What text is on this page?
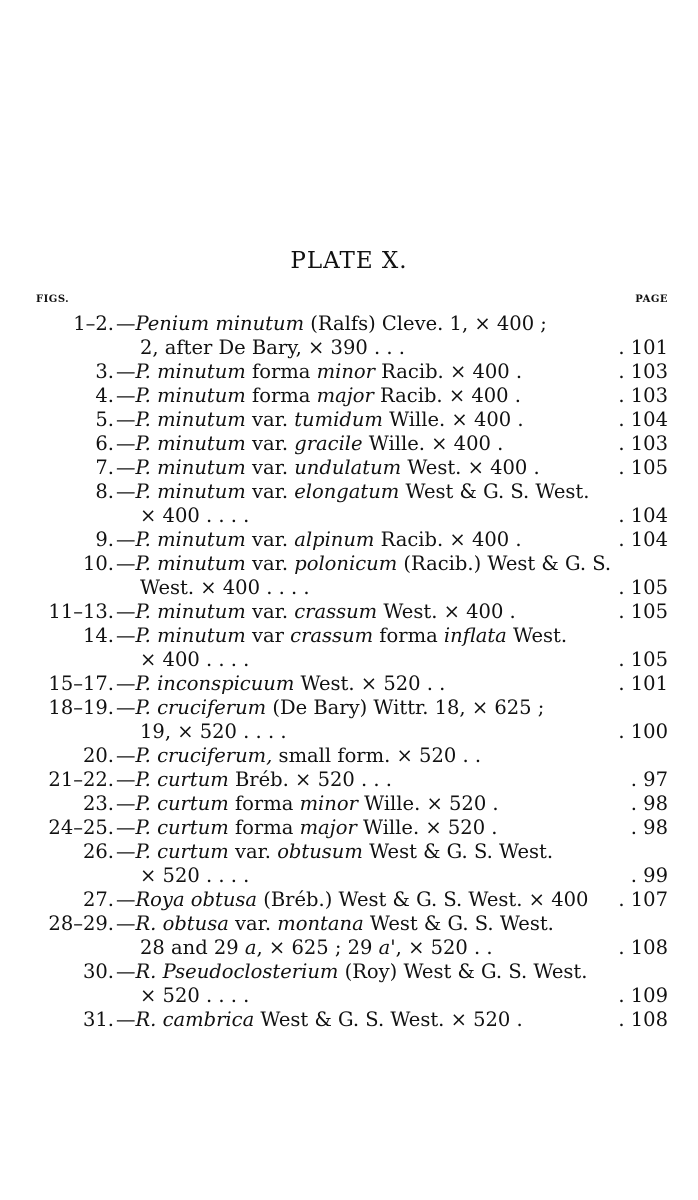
PLATE X.
FIGS.	PAGE
1–2. —Penium minutum (Ralfs) Cleve. 1, × 400 ;
2, after De Bary, × 390 . . .	. 101
3. —P. minutum forma minor Racib. × 400 .	. 103
4. —P. minutum forma major Racib. × 400 .	. 103
5. —P. minutum var. tumidum Wille. × 400 .	. 104
6. —P. minutum var. gracile Wille. × 400 .	. 103
7. —P. minutum var. undulatum West. × 400 .	. 105
8. —P. minutum var. elongatum West & G. S. West.
× 400 . . . .	. 104
9. —P. minutum var. alpinum Racib. × 400 .	. 104
10. —P. minutum var. polonicum (Racib.) West & G. S.
West. × 400 . . . .	. 105
11–13. —P. minutum var. crassum West. × 400 .	. 105
14. —P. minutum var crassum forma inflata West.
× 400 . . . .	. 105
15–17. —P. inconspicuum West. × 520 . .	. 101
18–19. —P. cruciferum (De Bary) Wittr. 18, × 625 ;
19, × 520 . . . .	. 100
20. —P. cruciferum, small form. × 520 . .
21–22. —P. curtum Bréb. × 520 . . .	. 97
23. —P. curtum forma minor Wille. × 520 .	. 98
24–25. —P. curtum forma major Wille. × 520 .	. 98
26. —P. curtum var. obtusum West & G. S. West.
× 520 . . . .	. 99
27. —Roya obtusa (Bréb.) West & G. S. West. × 400 . 107
28–29. —R. obtusa var. montana West & G. S. West.
28 and 29 a, × 625 ; 29 a', × 520 . .	. 108
30. —R. Pseudoclosterium (Roy) West & G. S. West.
× 520 . . . .	. 109
31. —R. cambrica West & G. S. West. × 520 .	. 108
